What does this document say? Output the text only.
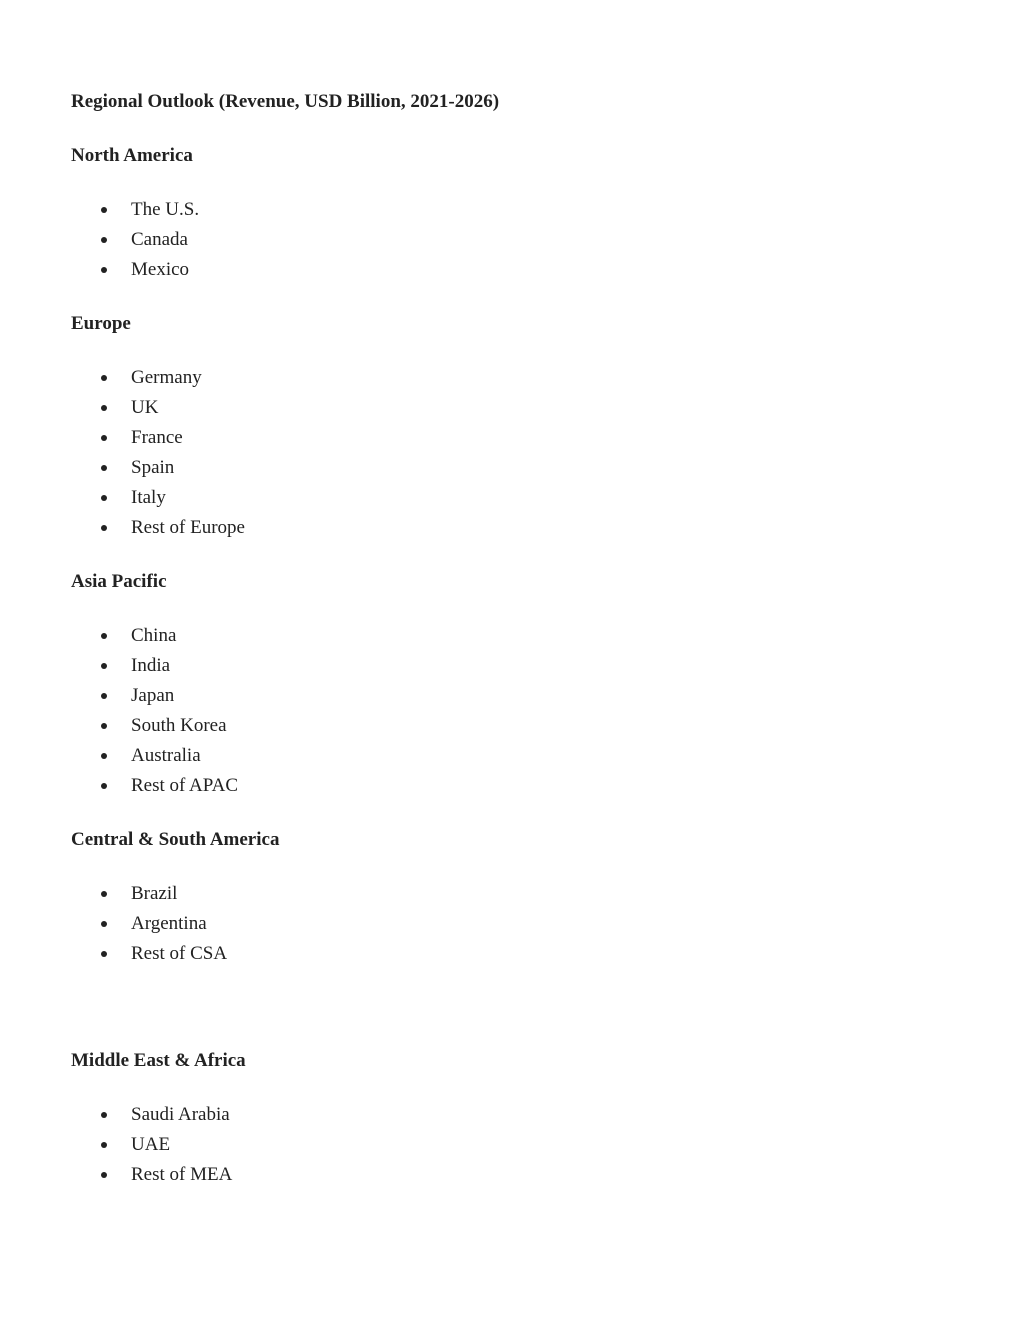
Regional Outlook (Revenue, USD Billion, 2021-2026)
North America
The U.S.
Canada
Mexico
Europe
Germany
UK
France
Spain
Italy
Rest of Europe
Asia Pacific
China
India
Japan
South Korea
Australia
Rest of APAC
Central & South America
Brazil
Argentina
Rest of CSA
Middle East & Africa
Saudi Arabia
UAE
Rest of MEA
